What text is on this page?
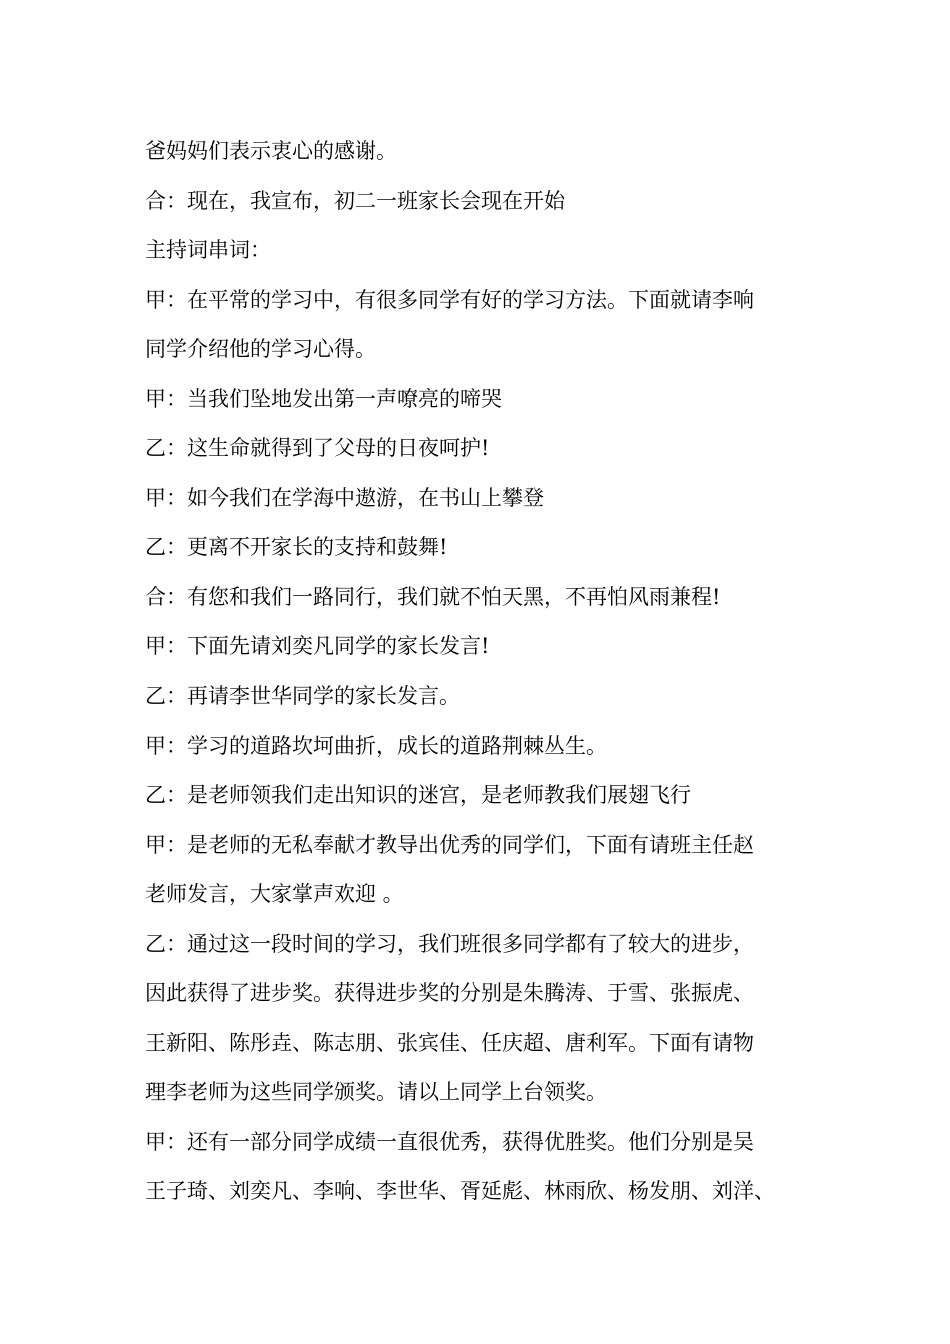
爸妈妈们表示衷心的感谢。
合：现在，我宣布，初二一班家长会现在开始
主持词串词：
甲：在平常的学习中，有很多同学有好的学习方法。下面就请李响
同学介绍他的学习心得。
甲：当我们坠地发出第一声嘹亮的啼哭
乙：这生命就得到了父母的日夜呵护!
甲：如今我们在学海中遨游，在书山上攀登
乙：更离不开家长的支持和鼓舞!
合：有您和我们一路同行，我们就不怕天黑，不再怕风雨兼程!
甲：下面先请刘奕凡同学的家长发言!
乙：再请李世华同学的家长发言。
甲：学习的道路坎坷曲折，成长的道路荆棘丛生。
乙：是老师领我们走出知识的迷宫，是老师教我们展翅飞行
甲：是老师的无私奉献才教导出优秀的同学们，下面有请班主任赵
老师发言，大家掌声欢迎 。
乙：通过这一段时间的学习，我们班很多同学都有了较大的进步，
因此获得了进步奖。获得进步奖的分别是朱腾涛、于雪、张振虎、
王新阳、陈彤垚、陈志朋、张宾佳、任庆超、唐利军。下面有请物
理李老师为这些同学颁奖。请以上同学上台领奖。
甲：还有一部分同学成绩一直很优秀，获得优胜奖。他们分别是吴
王子琦、刘奕凡、李响、李世华、胥延彪、林雨欣、杨发朋、刘洋、
